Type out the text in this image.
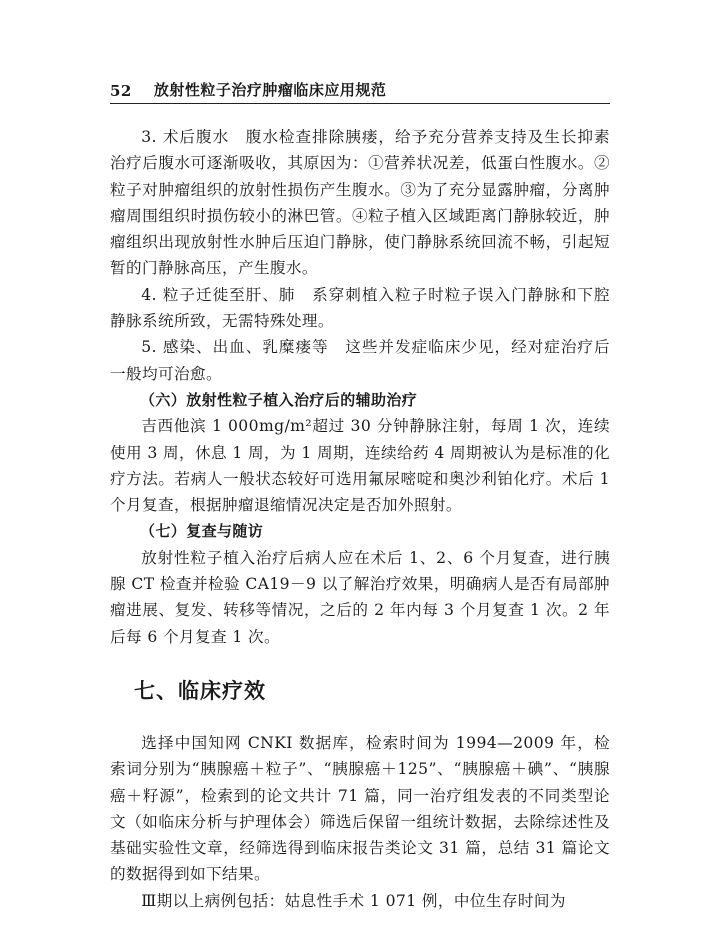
52 放射性粒子治疗肿瘤临床应用规范

3. 术后腹水　腹水检查排除胰瘘，给予充分营养支持及生长抑素治疗后腹水可逐渐吸收，其原因为：①营养状况差，低蛋白性腹水。②粒子对肿瘤组织的放射性损伤产生腹水。③为了充分显露肿瘤，分离肿瘤周围组织时损伤较小的淋巴管。④粒子植入区域距离门静脉较近，肿瘤组织出现放射性水肿后压迫门静脉，使门静脉系统回流不畅，引起短暂的门静脉高压，产生腹水。

4. 粒子迁徙至肝、肺　系穿刺植入粒子时粒子误入门静脉和下腔静脉系统所致，无需特殊处理。

5. 感染、出血、乳糜瘘等　这些并发症临床少见，经对症治疗后一般均可治愈。

（六）放射性粒子植入治疗后的辅助治疗

吉西他滨 1 000mg/m²超过 30 分钟静脉注射，每周 1 次，连续使用 3 周，休息 1 周，为 1 周期，连续给药 4 周期被认为是标准的化疗方法。若病人一般状态较好可选用氟尿嘧啶和奥沙利铂化疗。术后 1 个月复查，根据肿瘤退缩情况决定是否加外照射。

（七）复查与随访

放射性粒子植入治疗后病人应在术后 1、2、6 个月复查，进行胰腺 CT 检查并检验 CA19－9 以了解治疗效果，明确病人是否有局部肿瘤进展、复发、转移等情况，之后的 2 年内每 3 个月复查 1 次。2 年后每 6 个月复查 1 次。

七、临床疗效

选择中国知网 CNKI 数据库，检索时间为 1994—2009 年，检索词分别为“胰腺癌＋粒子”、“胰腺癌＋125”、“胰腺癌＋碘”、“胰腺癌＋籽源”，检索到的论文共计 71 篇，同一治疗组发表的不同类型论文（如临床分析与护理体会）筛选后保留一组统计数据，去除综述性及基础实验性文章，经筛选得到临床报告类论文 31 篇，总结 31 篇论文的数据得到如下结果。

Ⅲ期以上病例包括：姑息性手术 1 071 例，中位生存时间为
